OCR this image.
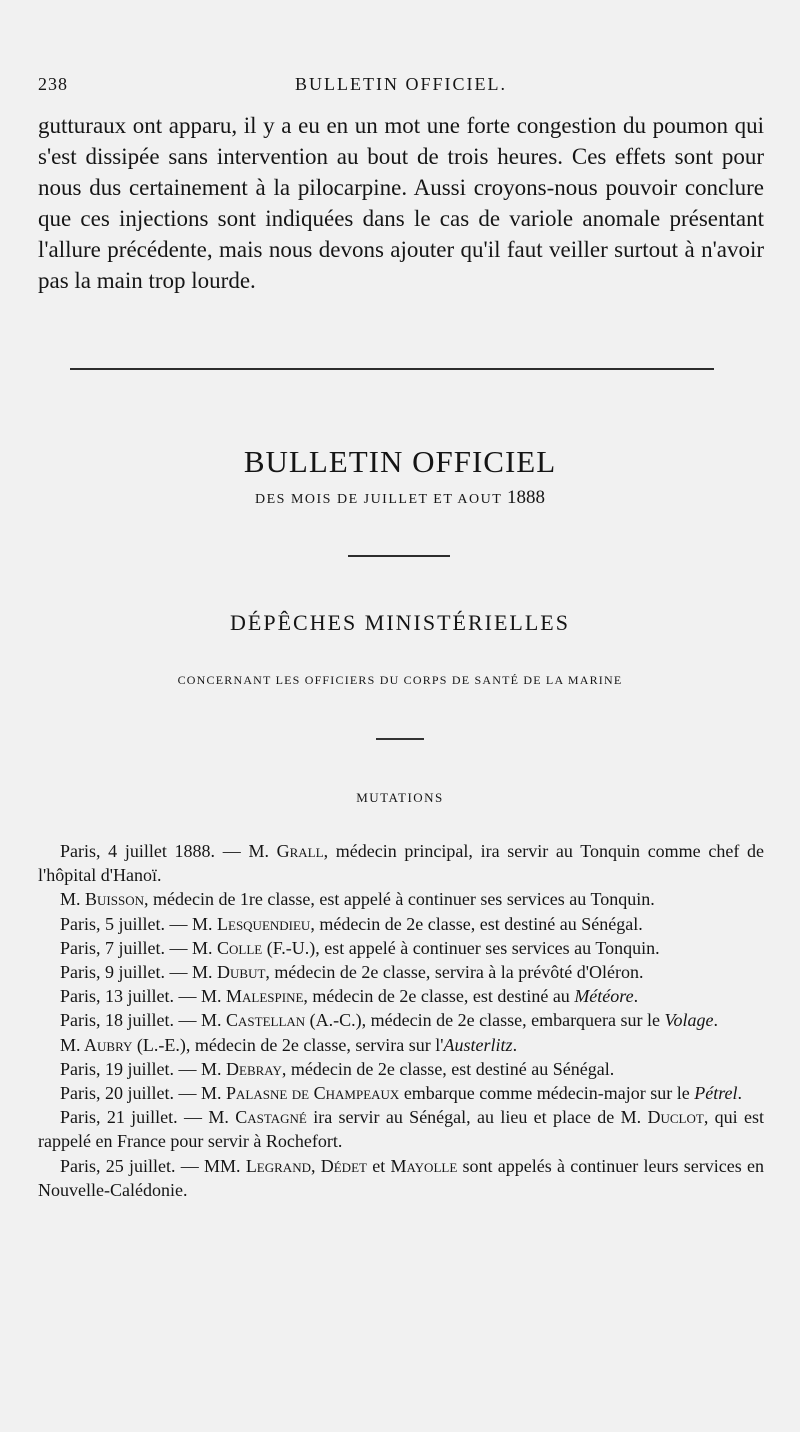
238	BULLETIN OFFICIEL.

gutturaux ont apparu, il y a eu en un mot une forte congestion du poumon qui s'est dissipée sans intervention au bout de trois heures. Ces effets sont pour nous dus certainement à la pilocarpine. Aussi croyons-nous pouvoir conclure que ces injections sont indiquées dans le cas de variole anomale présentant l'allure précédente, mais nous devons ajouter qu'il faut veiller surtout à n'avoir pas la main trop lourde.

BULLETIN OFFICIEL
DES MOIS DE JUILLET ET AOUT 1888
DÉPÊCHES MINISTÉRIELLES
CONCERNANT LES OFFICIERS DU CORPS DE SANTÉ DE LA MARINE
MUTATIONS

Paris, 4 juillet 1888. — M. Grall, médecin principal, ira servir au Tonquin comme chef de l'hôpital d'Hanoï.

M. Buisson, médecin de 1re classe, est appelé à continuer ses services au Tonquin.

Paris, 5 juillet. — M. Lesquendieu, médecin de 2e classe, est destiné au Sénégal.

Paris, 7 juillet. — M. Colle (F.-U.), est appelé à continuer ses services au Tonquin.

Paris, 9 juillet. — M. Dubut, médecin de 2e classe, servira à la prévôté d'Oléron.

Paris, 13 juillet. — M. Malespine, médecin de 2e classe, est destiné au Météore.

Paris, 18 juillet. — M. Castellan (A.-C.), médecin de 2e classe, embarquera sur le Volage.

M. Aubry (L.-E.), médecin de 2e classe, servira sur l'Austerlitz.

Paris, 19 juillet. — M. Debray, médecin de 2e classe, est destiné au Sénégal.

Paris, 20 juillet. — M. Palasne de Champeaux embarque comme médecin-major sur le Pétrel.

Paris, 21 juillet. — M. Castagné ira servir au Sénégal, au lieu et place de M. Duclot, qui est rappelé en France pour servir à Rochefort.

Paris, 25 juillet. — MM. Legrand, Dédet et Mayolle sont appelés à continuer leurs services en Nouvelle-Calédonie.
